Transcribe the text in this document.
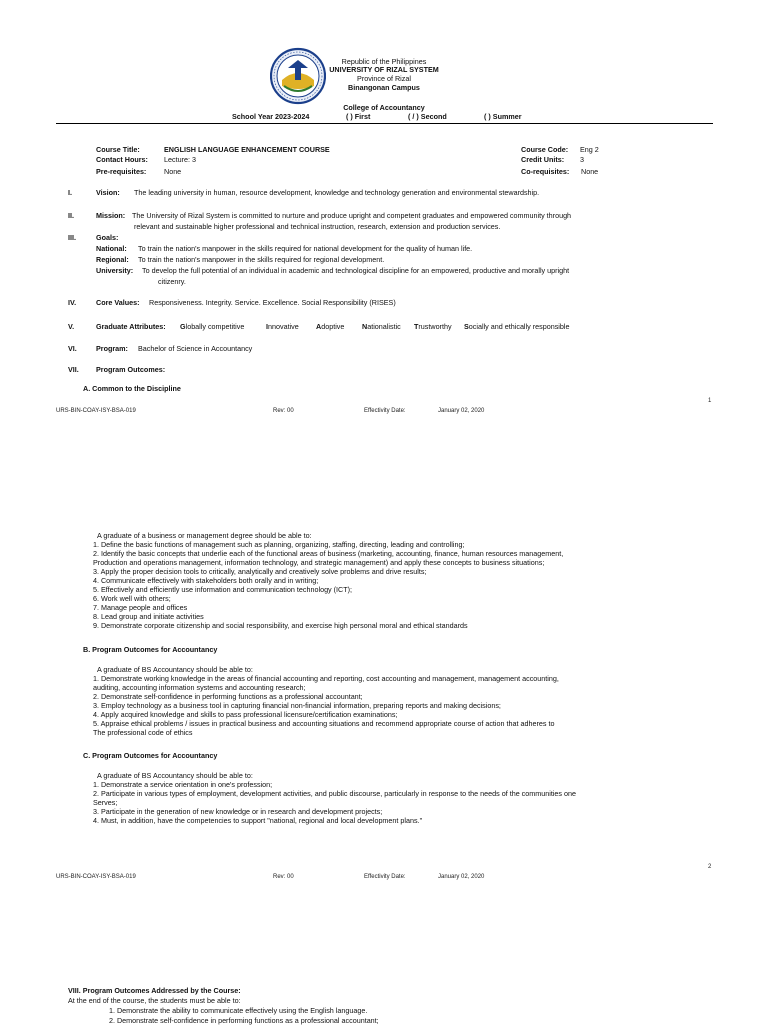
Republic of the Philippines
UNIVERSITY OF RIZAL SYSTEM
Province of Rizal
Binangonan Campus
College of Accountancy
School Year 2023-2024	( ) First	( / ) Second	( ) Summer
Course Title:	ENGLISH LANGUAGE ENHANCEMENT COURSE
Contact Hours: Lecture: 3
Pre-requisites: None
Course Code: Eng 2
Credit Units: 3
Co-requisites: None
I.	Vision: The leading university in human, resource development, knowledge and technology generation and environmental stewardship.
II.	Mission: The University of Rizal System is committed to nurture and produce upright and competent graduates and empowered community through
relevant and sustainable higher professional and technical instruction, research, extension and production services.
III.	Goals:
National: To train the nation's manpower in the skills required for national development for the quality of human life.
Regional: To train the nation's manpower in the skills required for regional development.
University: To develop the full potential of an individual in academic and technological discipline for an empowered, productive and morally upright
citizenry.
IV.	Core Values: Responsiveness. Integrity. Service. Excellence. Social Responsibility (RISES)
V.	Graduate Attributes: Globally competitive	Innovative Adoptive Nationalistic Trustworthy Socially and ethically responsible
VI.	Program: Bachelor of Science in Accountancy
VII. Program Outcomes:
A. Common to the Discipline
1
URS-BIN-COAY-ISY-BSA-019	Rev: 00	Effectivity Date:	January 02, 2020
A graduate of a business or management degree should be able to:
1. Define the basic functions of management such as planning, organizing, staffing, directing, leading and controlling;
2. Identify the basic concepts that underlie each of the functional areas of business (marketing, accounting, finance, human resources management,
Production and operations management, information technology, and strategic management) and apply these concepts to business situations;
3. Apply the proper decision tools to critically, analytically and creatively solve problems and drive results;
4. Communicate effectively with stakeholders both orally and in writing;
5. Effectively and efficiently use information and communication technology (ICT);
6. Work well with others;
7. Manage people and offices
8. Lead group and initiate activities
9. Demonstrate corporate citizenship and social responsibility, and exercise high personal moral and ethical standards
B. Program Outcomes for Accountancy
A graduate of BS Accountancy should be able to:
1. Demonstrate working knowledge in the areas of financial accounting and reporting, cost accounting and management, management accounting,
auditing, accounting information systems and accounting research;
2. Demonstrate self-confidence in performing functions as a professional accountant;
3. Employ technology as a business tool in capturing financial non-financial information, preparing reports and making decisions;
4. Apply acquired knowledge and skills to pass professional licensure/certification examinations;
5. Appraise ethical problems / issues in practical business and accounting situations and recommend appropriate course of action that adheres to
The professional code of ethics
C. Program Outcomes for Accountancy
A graduate of BS Accountancy should be able to:
1. Demonstrate a service orientation in one's profession;
2. Participate in various types of employment, development activities, and public discourse, particularly in response to the needs of the communities one
Serves;
3. Participate in the generation of new knowledge or in research and development projects;
4. Must, in addition, have the competencies to support "national, regional and local development plans."
2
URS-BIN-COAY-ISY-BSA-019	Rev: 00	Effectivity Date:	January 02, 2020
VIII. Program Outcomes Addressed by the Course:
At the end of the course, the students must be able to:
1. Demonstrate the ability to communicate effectively using the English language.
2. Demonstrate self-confidence in performing functions as a professional accountant;
